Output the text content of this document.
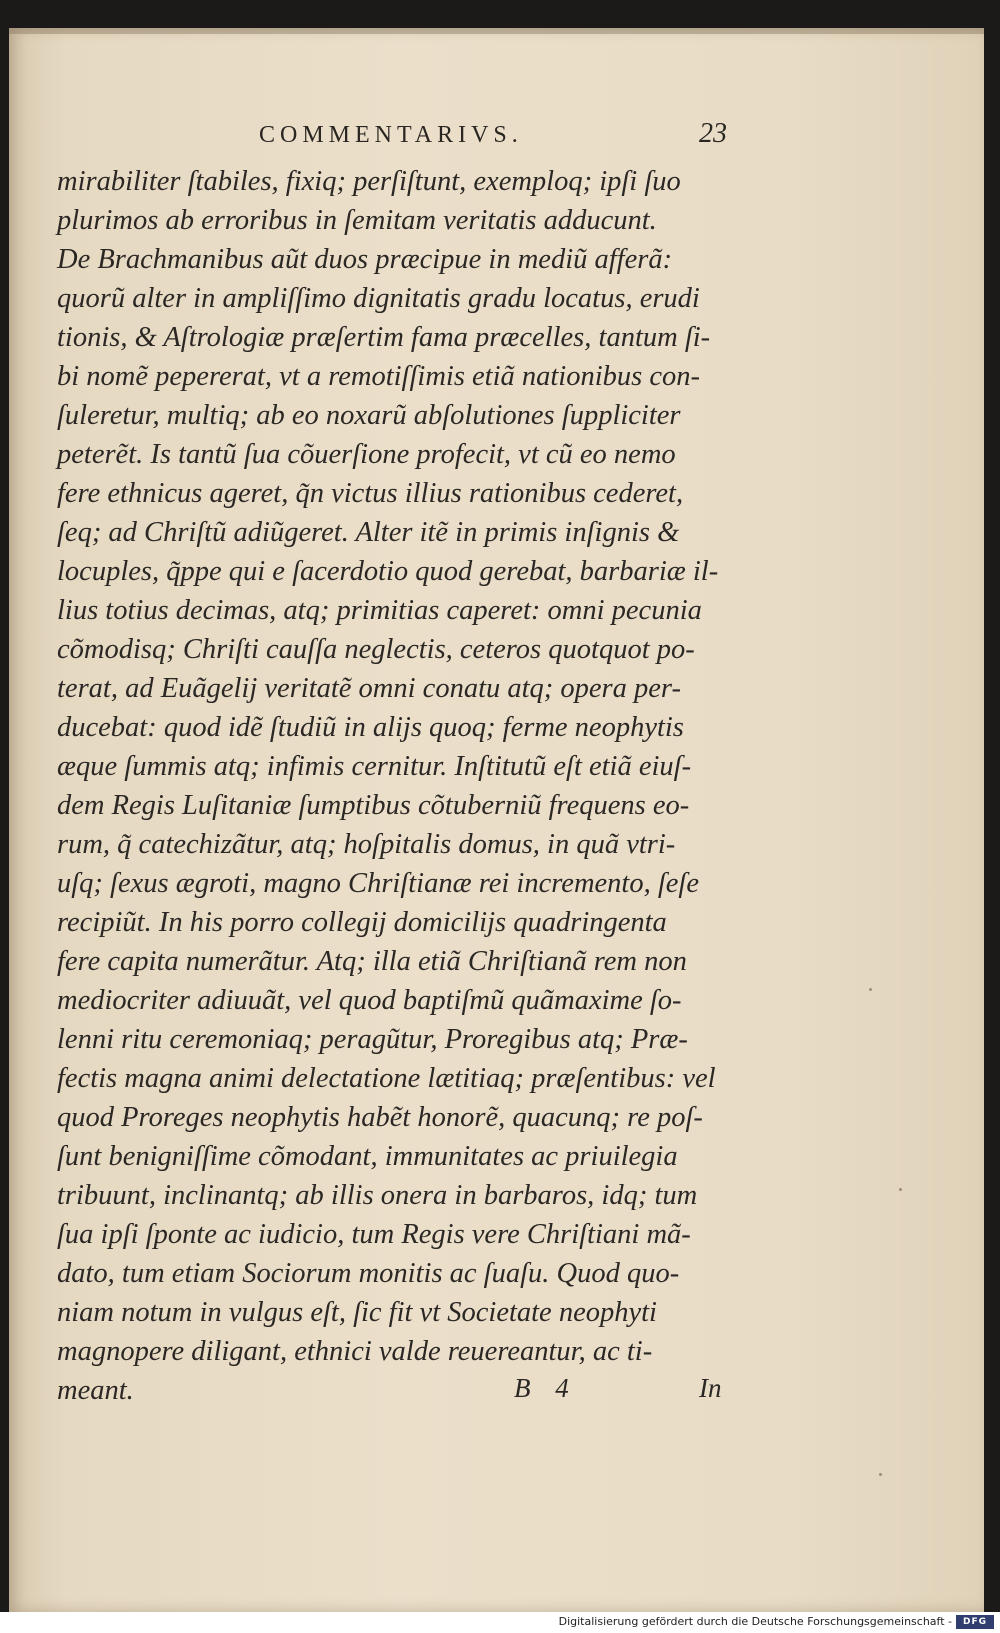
COMMENTARIVS.	23
mirabiliter ſtabiles, fixiq; perſiſtunt, exemploq; ipſi ſuo
plurimos ab erroribus in ſemitam veritatis adducunt.
De Brachmanibus aũt duos præcipue in mediũ afferã:
quorũ alter in ampliſſimo dignitatis gradu locatus, erudi
tionis, & Aſtrologiæ præſertim fama præcelles, tantum ſi-
bi nomẽ pepererat, vt a remotiſſimis etiã nationibus con-
ſuleretur, multiq; ab eo noxarũ abſolutiones ſuppliciter
peterẽt. Is tantũ ſua cõuerſione profecit, vt cũ eo nemo
fere ethnicus ageret, q̃n victus illius rationibus cederet,
ſeq; ad Chriſtũ adiũgeret. Alter itẽ in primis inſignis &
locuples, q̃ppe qui e ſacerdotio quod gerebat, barbariæ il-
lius totius decimas, atq; primitias caperet: omni pecunia
cõmodisq; Chriſti cauſſa neglectis, ceteros quotquot po-
terat, ad Euãgelij veritatẽ omni conatu atq; opera per-
ducebat: quod idẽ ſtudiũ in alijs quoq; ferme neophytis
æque ſummis atq; infimis cernitur. Inſtitutũ eſt etiã eiuſ-
dem Regis Luſitaniæ ſumptibus cõtuberniũ frequens eo-
rum, q̃ catechizãtur, atq; hoſpitalis domus, in quã vtri-
uſq; ſexus ægroti, magno Chriſtianæ rei incremento, ſeſe
recipiũt. In his porro collegij domicilijs quadringenta
fere capita numerãtur. Atq; illa etiã Chriſtianã rem non
mediocriter adiuuãt, vel quod baptiſmũ quãmaxime ſo-
lenni ritu ceremoniaq; peragũtur, Proregibus atq; Præ-
fectis magna animi delectatione lætitiaq; præſentibus: vel
quod Proreges neophytis habẽt honorẽ, quacunq; re poſ-
ſunt benigniſſime cõmodant, immunitates ac priuilegia
tribuunt, inclinantq; ab illis onera in barbaros, idq; tum
ſua ipſi ſponte ac iudicio, tum Regis vere Chriſtiani mã-
dato, tum etiam Sociorum monitis ac ſuaſu. Quod quo-
niam notum in vulgus eſt, ſic fit vt Societate neophyti
magnopere diligant, ethnici valde reuereantur, ac ti-
meant.	B 4	In
Digitalisierung gefördert durch die Deutsche Forschungsgemeinschaft -	DFG
